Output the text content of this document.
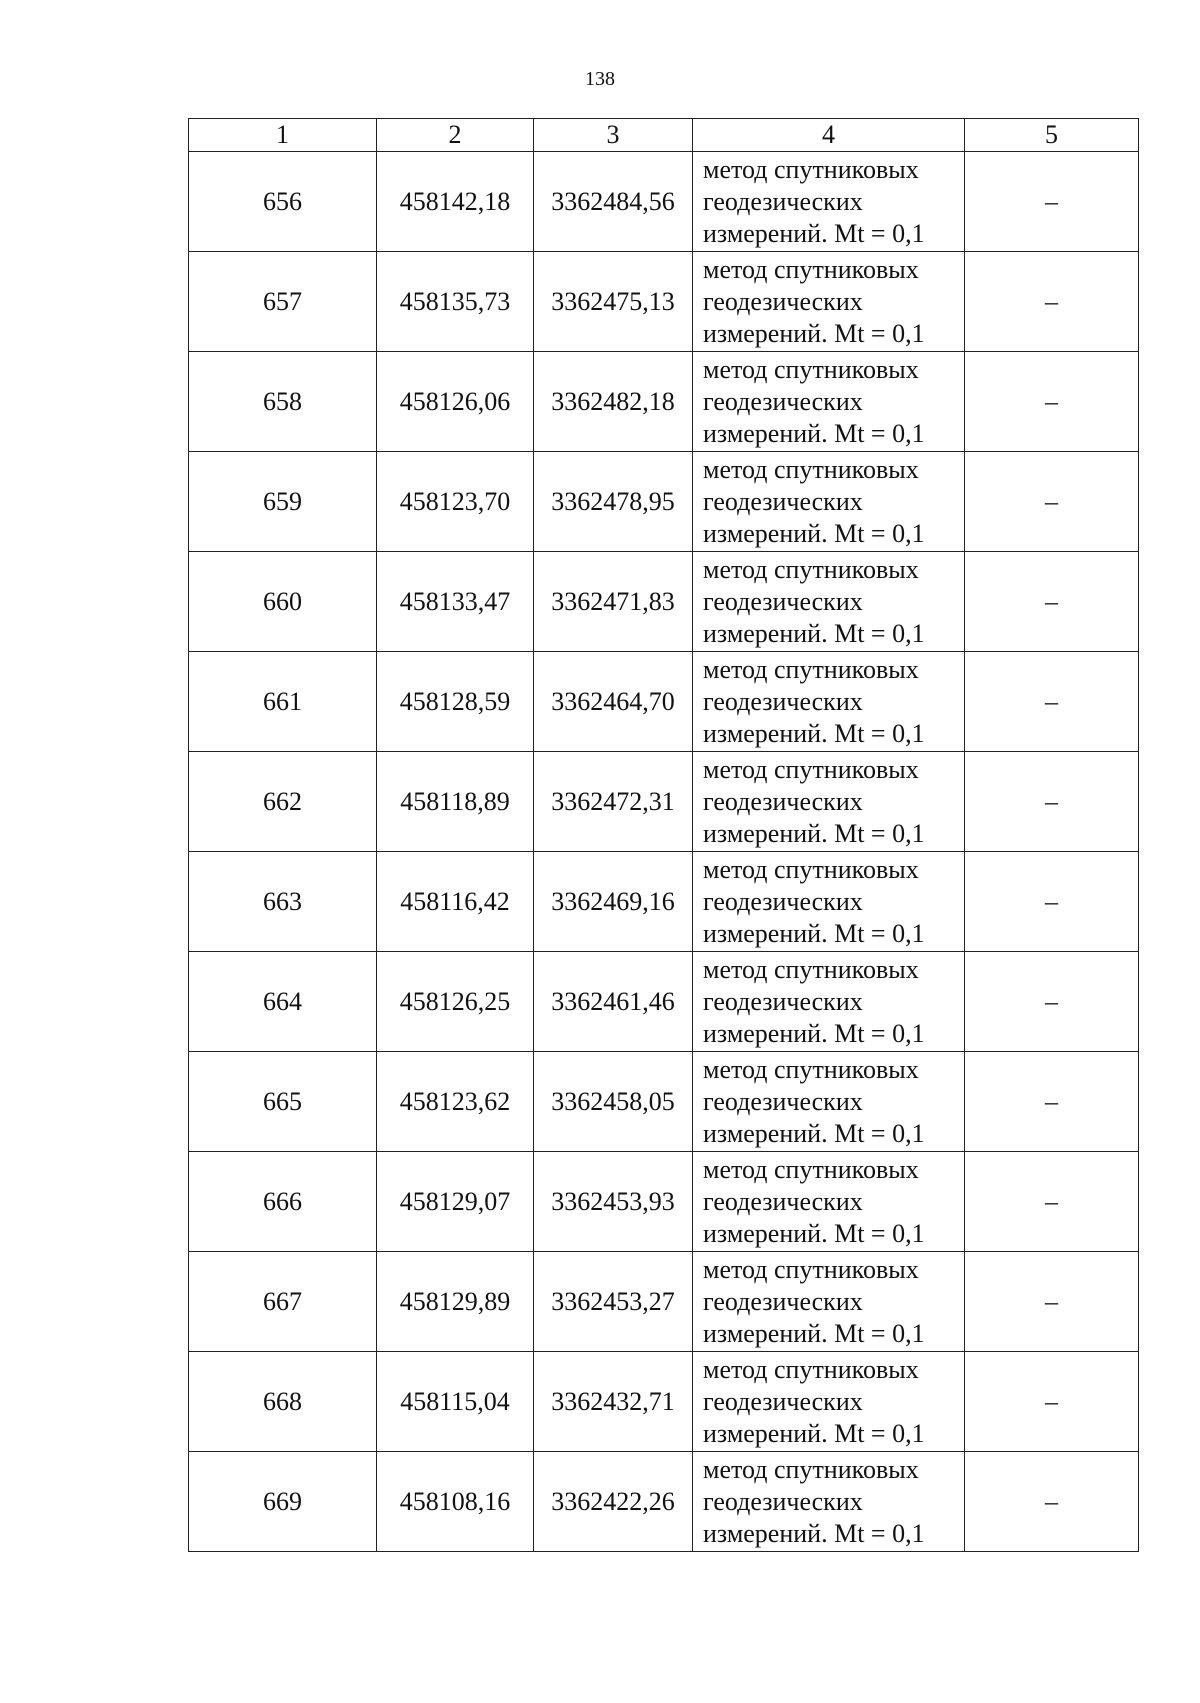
138
1	2	3	4	5
656	458142,18	3362484,56	метод спутниковых
геодезических
измерений. Mt = 0,1	–
657	458135,73	3362475,13	метод спутниковых
геодезических
измерений. Mt = 0,1	–
658	458126,06	3362482,18	метод спутниковых
геодезических
измерений. Mt = 0,1	–
659	458123,70	3362478,95	метод спутниковых
геодезических
измерений. Mt = 0,1	–
660	458133,47	3362471,83	метод спутниковых
геодезических
измерений. Mt = 0,1	–
661	458128,59	3362464,70	метод спутниковых
геодезических
измерений. Mt = 0,1	–
662	458118,89	3362472,31	метод спутниковых
геодезических
измерений. Mt = 0,1	–
663	458116,42	3362469,16	метод спутниковых
геодезических
измерений. Mt = 0,1	–
664	458126,25	3362461,46	метод спутниковых
геодезических
измерений. Mt = 0,1	–
665	458123,62	3362458,05	метод спутниковых
геодезических
измерений. Mt = 0,1	–
666	458129,07	3362453,93	метод спутниковых
геодезических
измерений. Mt = 0,1	–
667	458129,89	3362453,27	метод спутниковых
геодезических
измерений. Mt = 0,1	–
668	458115,04	3362432,71	метод спутниковых
геодезических
измерений. Mt = 0,1	–
669	458108,16	3362422,26	метод спутниковых
геодезических
измерений. Mt = 0,1	–
